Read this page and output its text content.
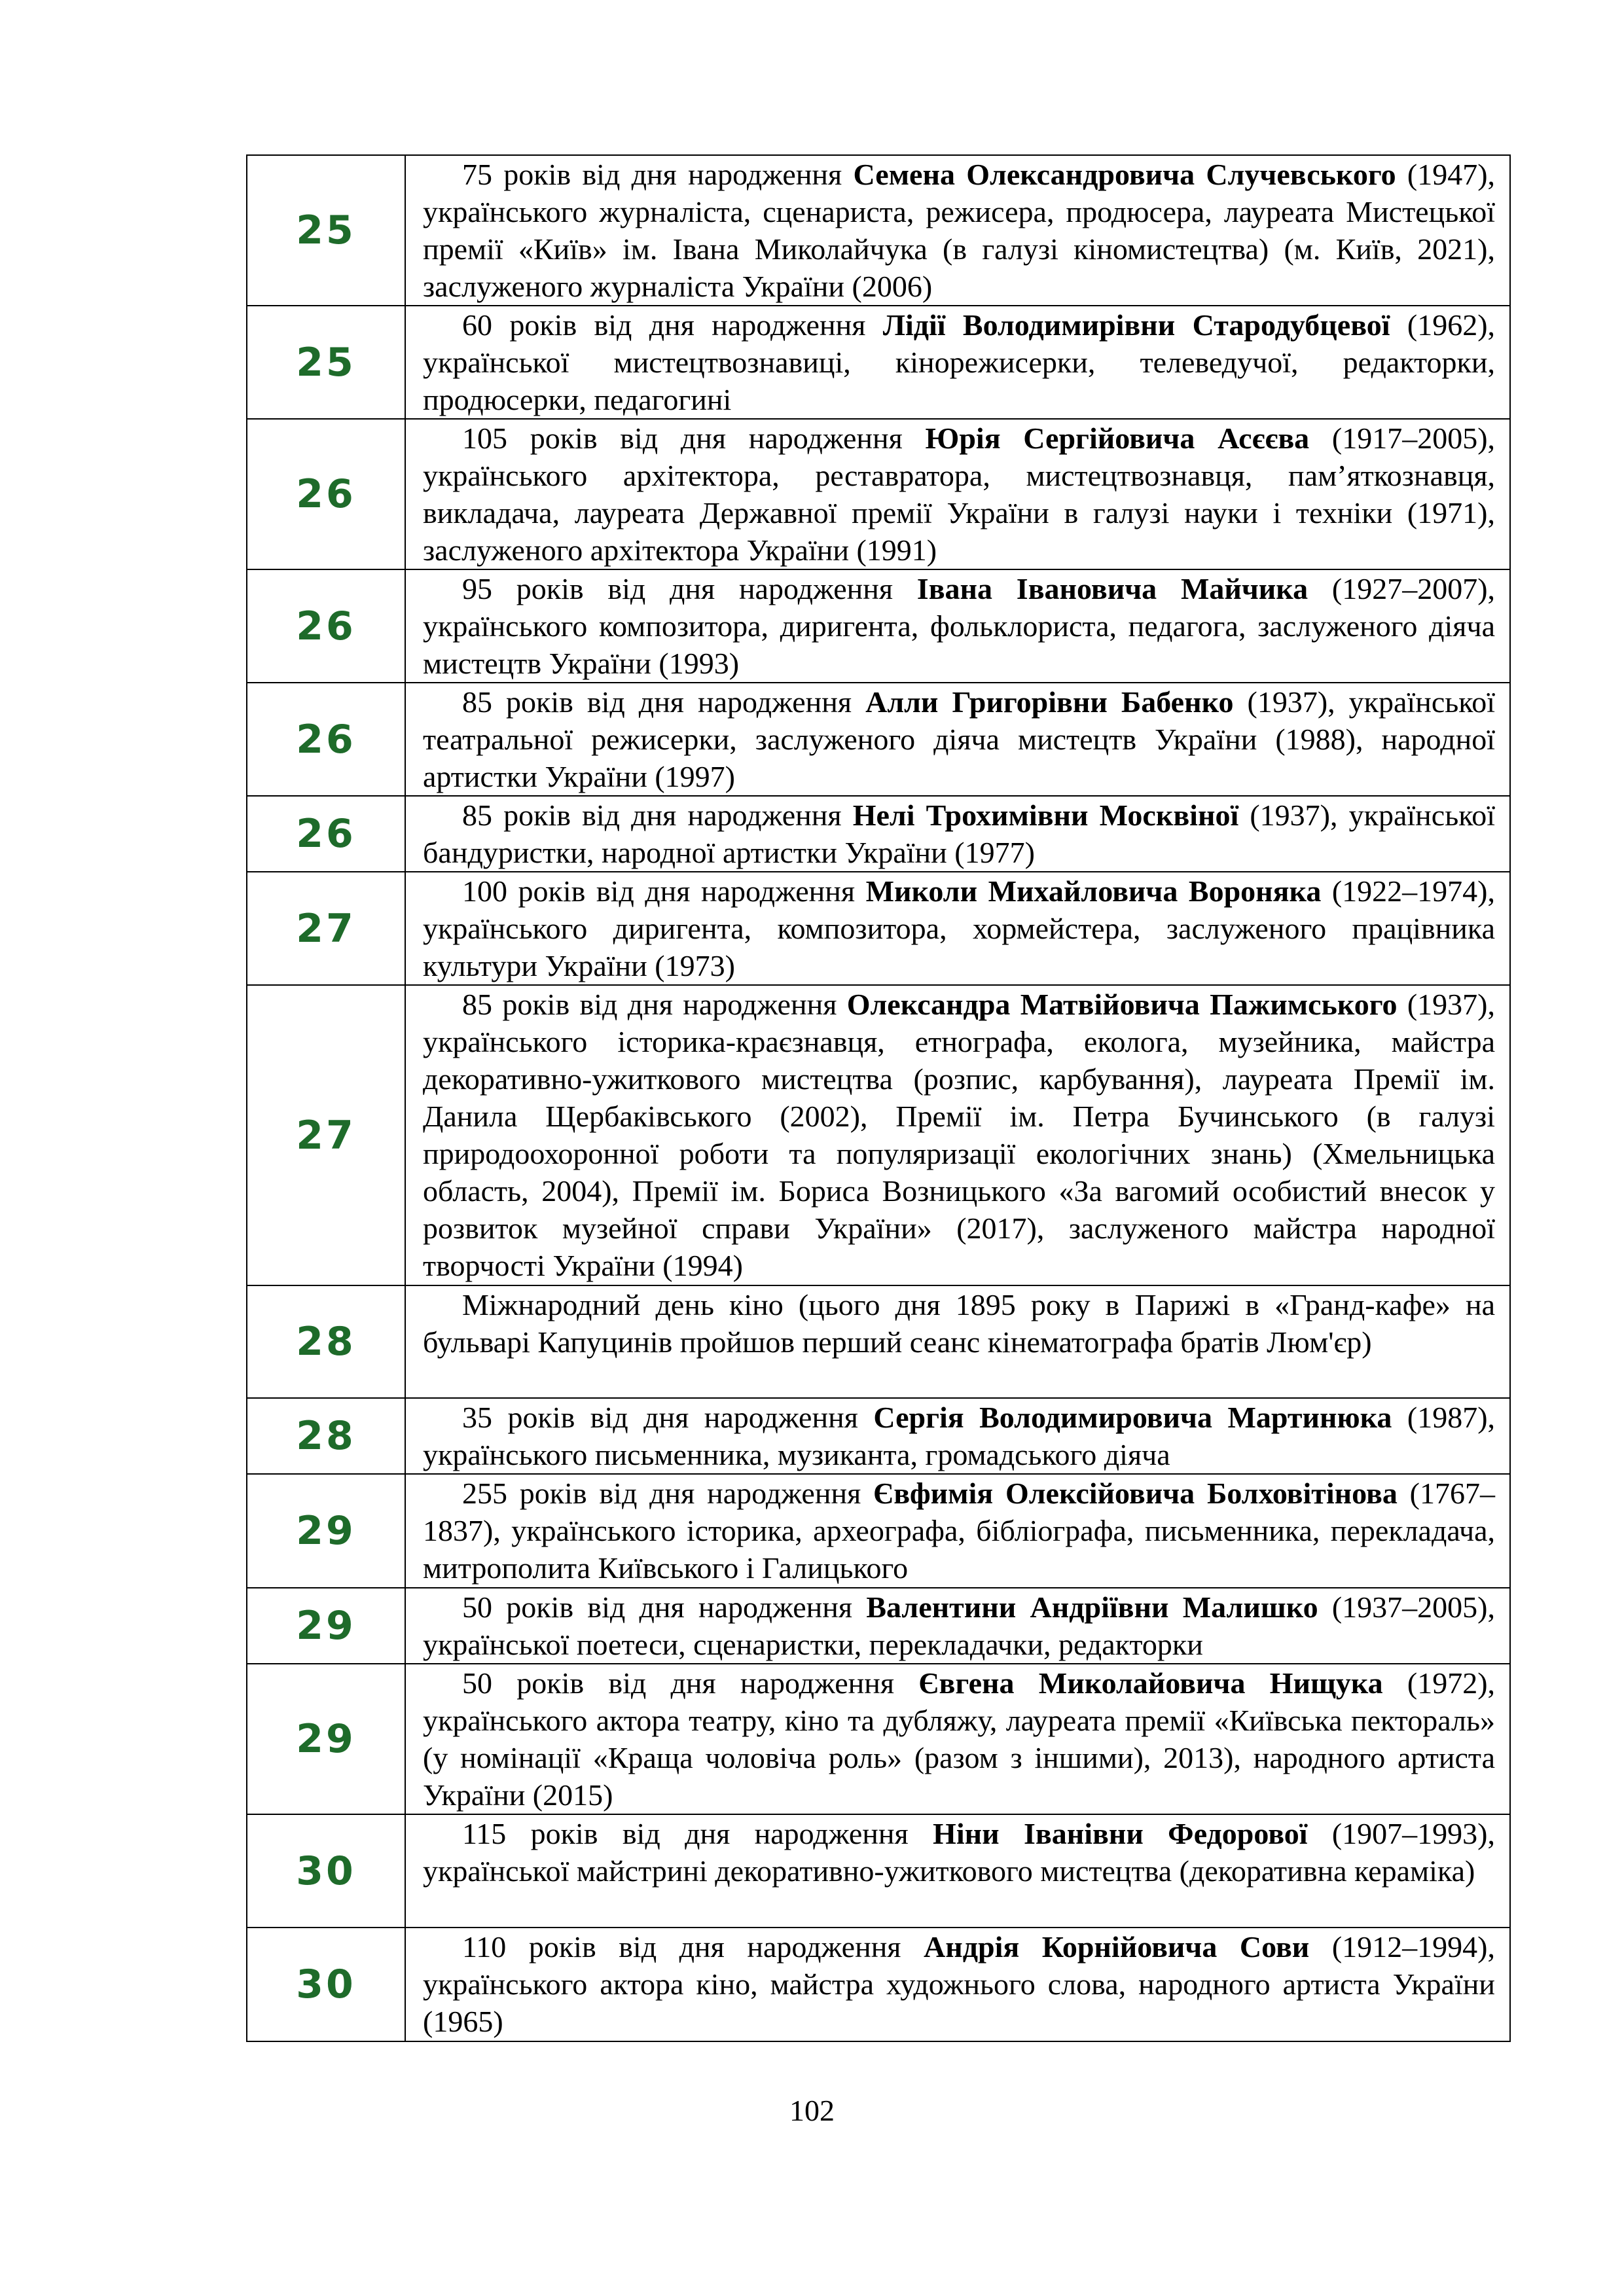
25	75 років від дня народження Семена Олександровича Случевського (1947), українського журналіста, сценариста, режисера, продюсера, лауреата Мистецької премії «Київ» ім. Івана Миколайчука (в галузі кіномистецтва) (м. Київ, 2021), заслуженого журналіста України (2006)
25	60 років від дня народження Лідії Володимирівни Стародубцевої (1962), української мистецтвознавиці, кінорежисерки, телеведучої, редакторки, продюсерки, педагогині
26	105 років від дня народження Юрія Сергійовича Асєєва (1917–2005), українського архітектора, реставратора, мистецтвознавця, пам’яткознавця, викладача, лауреата Державної премії України в галузі науки і техніки (1971), заслуженого архітектора України (1991)
26	95 років від дня народження Івана Івановича Майчика (1927–2007), українського композитора, диригента, фольклориста, педагога, заслуженого діяча мистецтв України (1993)
26	85 років від дня народження Алли Григорівни Бабенко (1937), української театральної режисерки, заслуженого діяча мистецтв України (1988), народної артистки України (1997)
26	85 років від дня народження Нелі Трохимівни Москвіної (1937), української бандуристки, народної артистки України (1977)
27	100 років від дня народження Миколи Михайловича Вороняка (1922–1974), українського диригента, композитора, хормейстера, заслуженого працівника культури України (1973)
27	85 років від дня народження Олександра Матвійовича Пажимського (1937), українського історика-краєзнавця, етнографа, еколога, музейника, майстра декоративно-ужиткового мистецтва (розпис, карбування), лауреата Премії ім. Данила Щербаківського (2002), Премії ім. Петра Бучинського (в галузі природоохоронної роботи та популяризації екологічних знань) (Хмельницька область, 2004), Премії ім. Бориса Возницького «За вагомий особистий внесок у розвиток музейної справи України» (2017), заслуженого майстра народної творчості України (1994)
28	Міжнародний день кіно (цього дня 1895 року в Парижі в «Гранд-кафе» на бульварі Капуцинів пройшов перший сеанс кінематографа братів Люм'єр)
28	35 років від дня народження Сергія Володимировича Мартинюка (1987), українського письменника, музиканта, громадського діяча
29	255 років від дня народження Євфимія Олексійовича Болховітінова (1767–1837), українського історика, археографа, бібліографа, письменника, перекладача, митрополита Київського і Галицького
29	50 років від дня народження Валентини Андріївни Малишко (1937–2005), української поетеси, сценаристки, перекладачки, редакторки
29	50 років від дня народження Євгена Миколайовича Нищука (1972), українського актора театру, кіно та дубляжу, лауреата премії «Київська пектораль» (у номінації «Краща чоловіча роль» (разом з іншими), 2013), народного артиста України (2015)
30	115 років від дня народження Ніни Іванівни Федорової (1907–1993), української майстрині декоративно-ужиткового мистецтва (декоративна кераміка)
30	110 років від дня народження Андрія Корнійовича Сови (1912–1994), українського актора кіно, майстра художнього слова, народного артиста України (1965)
102
